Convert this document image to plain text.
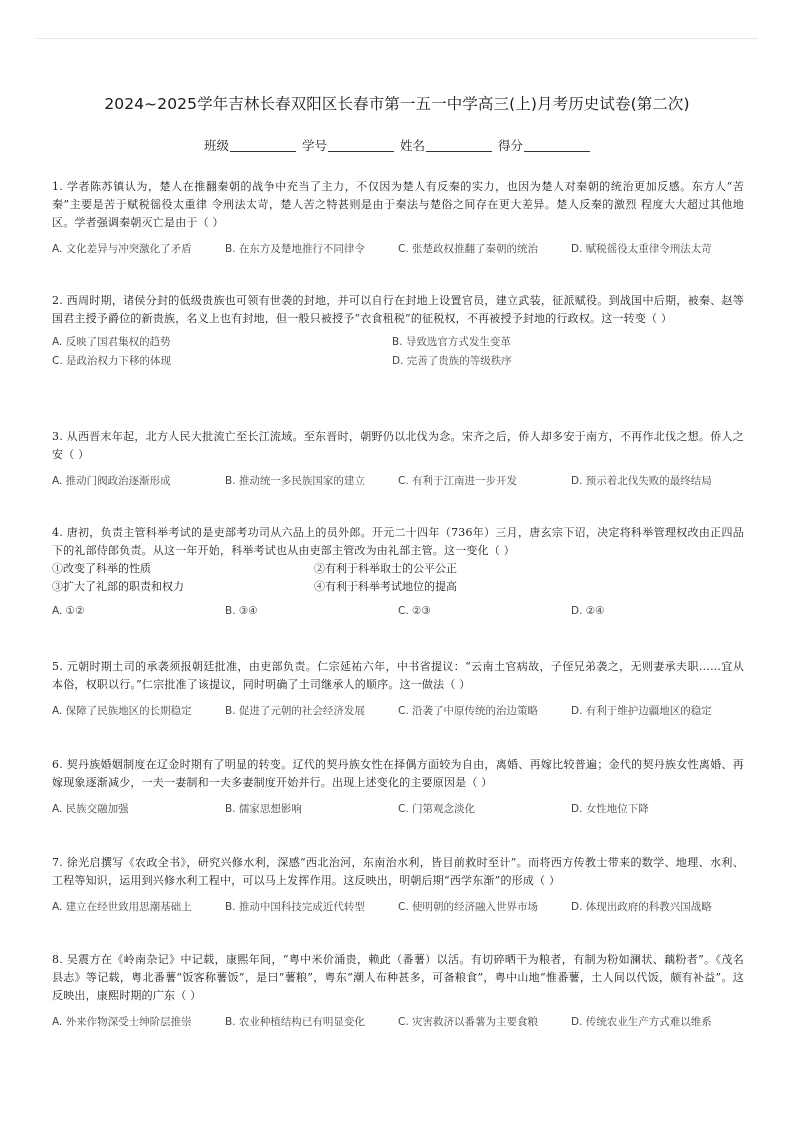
2024~2025学年吉林长春双阳区长春市第一五一中学高三(上)月考历史试卷(第二次)
班级	学号	姓名	得分
1. 学者陈苏镇认为，楚人在推翻秦朝的战争中充当了主力，不仅因为楚人有反秦的实力，也因为楚人对秦朝的统治更加反感。东方人“苦秦”主要是苦于赋税徭役太重律 令刑法太苛，楚人苦之特甚则是由于秦法与楚俗之间存在更大差异。楚人反秦的激烈 程度大大超过其他地区。学者强调秦朝灭亡是由于（ ）
A. 文化差异与冲突激化了矛盾	B. 在东方及楚地推行不同律令	C. 张楚政权推翻了秦朝的统治	D. 赋税徭役太重律令刑法太苛
2. 西周时期，诸侯分封的低级贵族也可领有世袭的封地，并可以自行在封地上设置官员，建立武装，征派赋役。到战国中后期，被秦、赵等国君主授予爵位的新贵族，名义上也有封地，但一般只被授予“衣食租税”的征税权，不再被授予封地的行政权。这一转变（ ）
A. 反映了国君集权的趋势	B. 导致选官方式发生变革
C. 是政治权力下移的体现	D. 完善了贵族的等级秩序
3. 从西晋末年起，北方人民大批流亡至长江流域。至东晋时，朝野仍以北伐为念。宋齐之后，侨人却多安于南方，不再作北伐之想。侨人之安（ ）
A. 推动门阀政治逐渐形成	B. 推动统一多民族国家的建立	C. 有利于江南进一步开发	D. 预示着北伐失败的最终结局
4. 唐初，负责主管科举考试的是吏部考功司从六品上的员外郎。开元二十四年（736年）三月，唐玄宗下诏，决定将科举管理权改由正四品下的礼部侍郎负责。从这一年开始，科举考试也从由吏部主管改为由礼部主管。这一变化（ ）
①改变了科举的性质	②有利于科举取士的公平公正
③扩大了礼部的职责和权力	④有利于科举考试地位的提高
A. ①②	B. ③④	C. ②③	D. ②④
5. 元朝时期土司的承袭须报朝廷批准，由吏部负责。仁宗延祐六年，中书省提议：“云南土官病故，子侄兄弟袭之，无则妻承夫职……宜从本俗，权职以行。”仁宗批准了该提议，同时明确了土司继承人的顺序。这一做法（ ）
A. 保障了民族地区的长期稳定	B. 促进了元朝的社会经济发展	C. 沿袭了中原传统的治边策略	D. 有利于维护边疆地区的稳定
6. 契丹族婚姻制度在辽金时期有了明显的转变。辽代的契丹族女性在择偶方面较为自由，离婚、再嫁比较普遍；金代的契丹族女性离婚、再嫁现象逐渐减少，一夫一妻制和一夫多妻制度开始并行。出现上述变化的主要原因是（ ）
A. 民族交融加强	B. 儒家思想影响	C. 门第观念淡化	D. 女性地位下降
7. 徐光启撰写《农政全书》，研究兴修水利，深感“西北治河，东南治水利，皆目前救时至计”。而将西方传教士带来的数学、地理、水利、工程等知识，运用到兴修水利工程中，可以马上发挥作用。这反映出，明朝后期“西学东渐”的形成（ ）
A. 建立在经世致用思潮基础上	B. 推动中国科技完成近代转型	C. 使明朝的经济融入世界市场	D. 体现出政府的科教兴国战略
8. 吴震方在《岭南杂记》中记载，康熙年间，“粤中米价涌贵，赖此（番薯）以活。有切碎晒干为粮者，有制为粉如澜状、藕粉者”。《茂名县志》等记载，粤北番薯“饭客称薯饭”，是曰“薯粮”，粤东“潮人布种甚多，可备粮食”，粤中山地“惟番薯，土人间以代饭，颇有补益”。这反映出，康熙时期的广东（ ）
A. 外来作物深受士绅阶层推崇	B. 农业种植结构已有明显变化	C. 灾害救济以番薯为主要食粮	D. 传统农业生产方式难以维系
